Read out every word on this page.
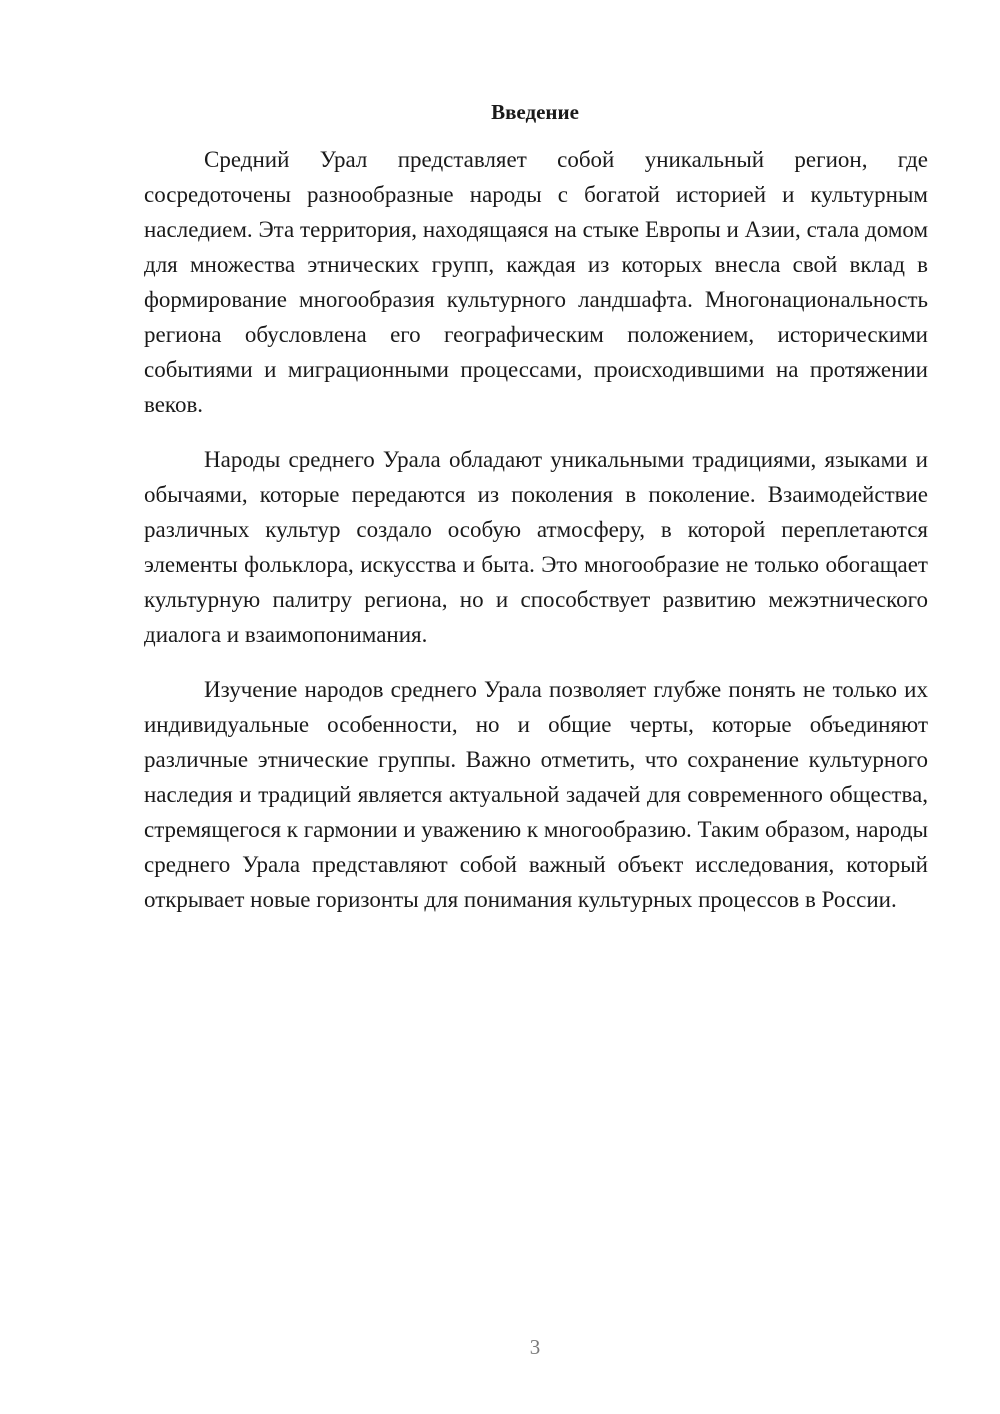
Введение

Средний Урал представляет собой уникальный регион, где сосредоточены разнообразные народы с богатой историей и культурным наследием. Эта территория, находящаяся на стыке Европы и Азии, стала домом для множества этнических групп, каждая из которых внесла свой вклад в формирование многообразия культурного ландшафта. Многонациональность региона обусловлена его географическим положением, историческими событиями и миграционными процессами, происходившими на протяжении веков.

Народы среднего Урала обладают уникальными традициями, языками и обычаями, которые передаются из поколения в поколение. Взаимодействие различных культур создало особую атмосферу, в которой переплетаются элементы фольклора, искусства и быта. Это многообразие не только обогащает культурную палитру региона, но и способствует развитию межэтнического диалога и взаимопонимания.

Изучение народов среднего Урала позволяет глубже понять не только их индивидуальные особенности, но и общие черты, которые объединяют различные этнические группы. Важно отметить, что сохранение культурного наследия и традиций является актуальной задачей для современного общества, стремящегося к гармонии и уважению к многообразию. Таким образом, народы среднего Урала представляют собой важный объект исследования, который открывает новые горизонты для понимания культурных процессов в России.

3
